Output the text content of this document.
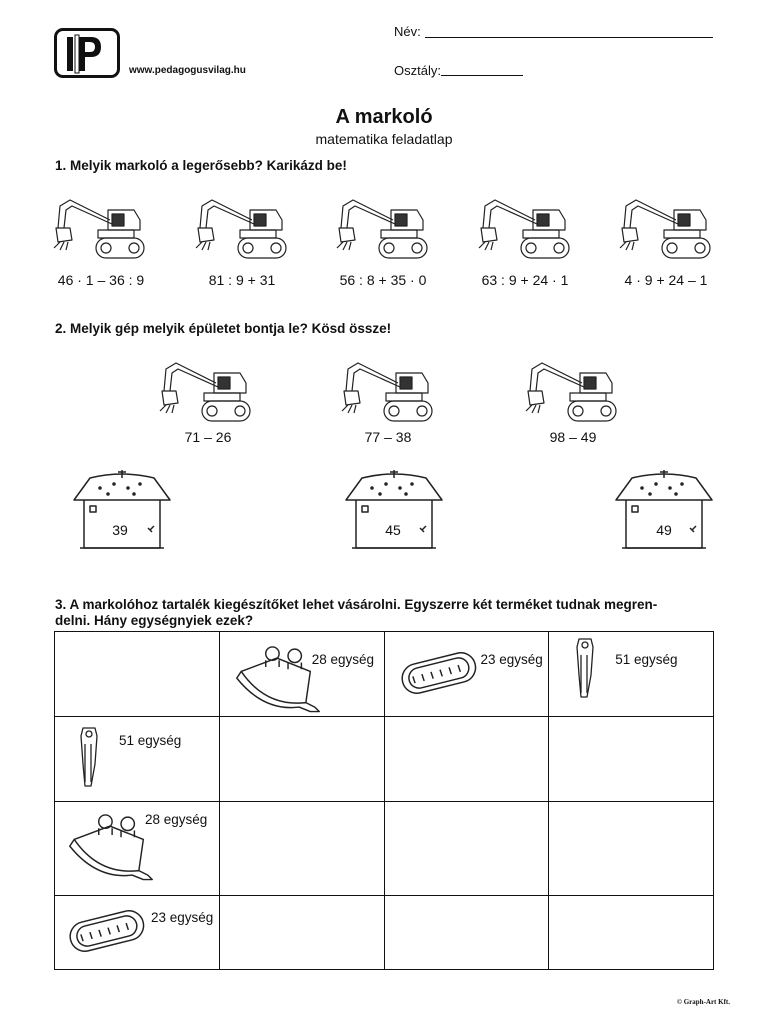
www.pedagogusvilag.hu
Név:
Osztály:
A markoló
matematika feladatlap
1. Melyik markoló a legerősebb? Karikázd be!
46 · 1 – 36 : 9	81 : 9 + 31	56 : 8 + 35 · 0	63 : 9 + 24 · 1	4 · 9 + 24 – 1
2. Melyik gép melyik épületet bontja le? Kösd össze!
71 – 26	77 – 38	98 – 49
39	45	49
3. A markolóhoz tartalék kiegészítőket lehet vásárolni. Egyszerre két terméket tudnak megren-
delni. Hány egységnyiek ezek?

	28 egység	23 egység	51 egység

51 egység			

28 egység			

23 egység			

© Graph-Art Kft.
